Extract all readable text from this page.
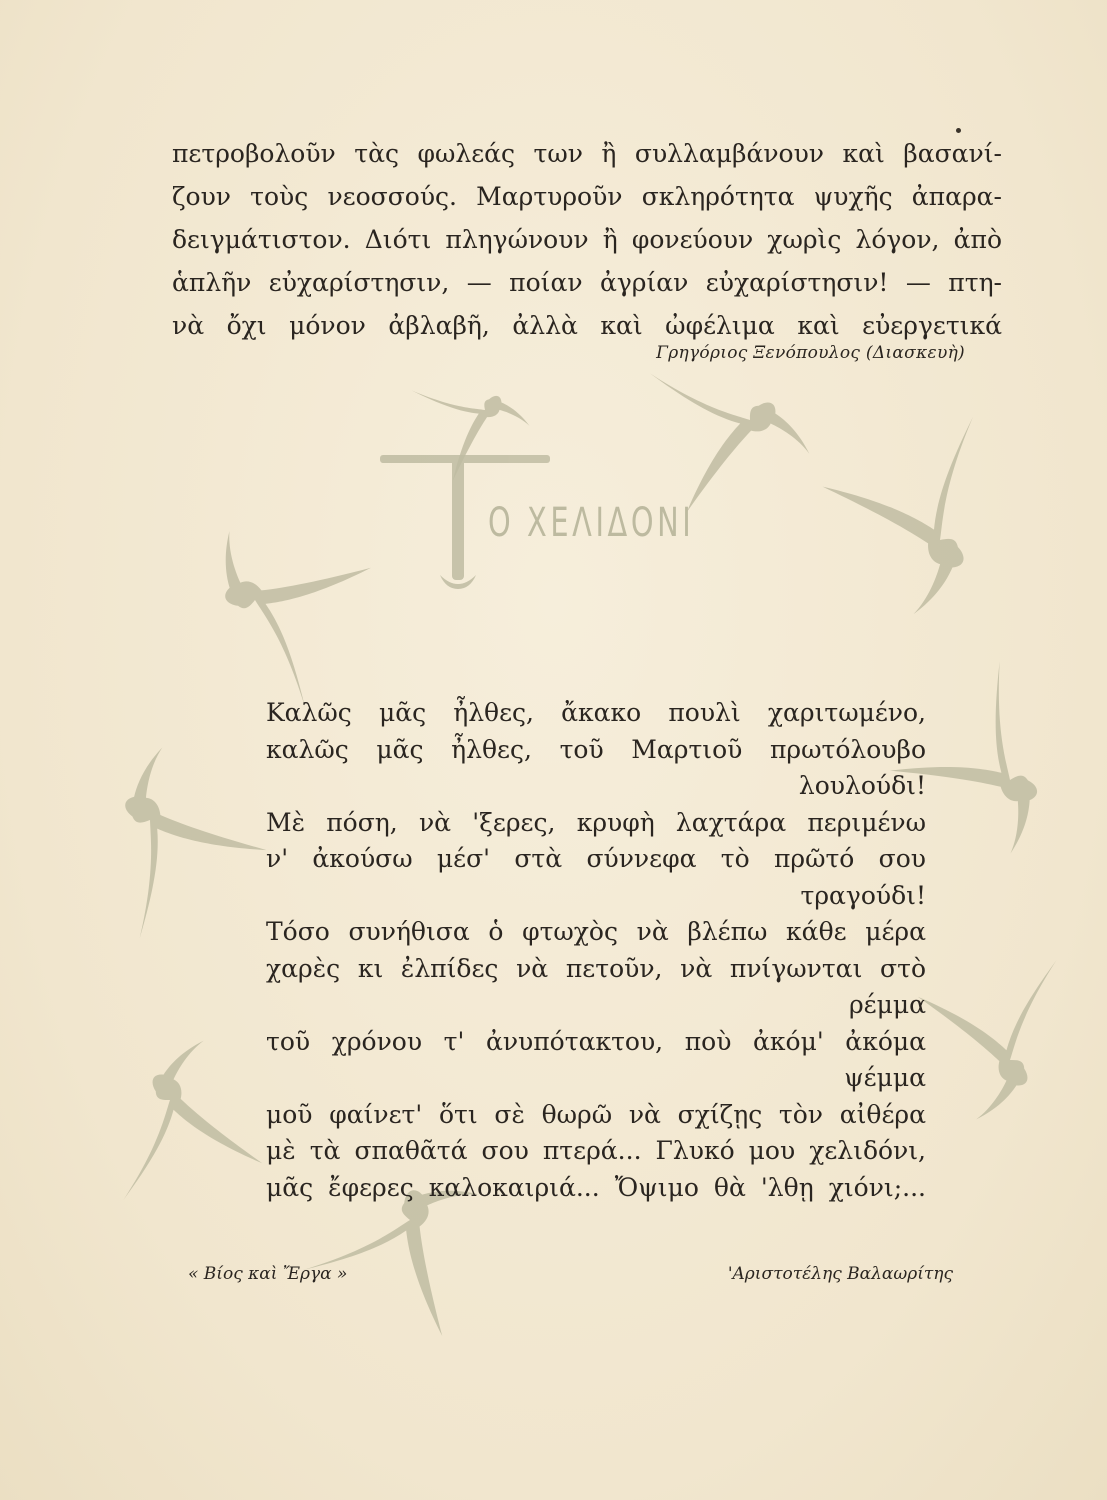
πετροβολοῦν τὰς φωλεάς των ἢ συλλαμβάνουν καὶ βασανί-
ζουν τοὺς νεοσσούς. Μαρτυροῦν σκληρότητα ψυχῆς ἀπαρα-
δειγμάτιστον. Διότι πληγώνουν ἢ φονεύουν χωρὶς λόγον, ἀπὸ
ἁπλῆν εὐχαρίστησιν, — ποίαν ἀγρίαν εὐχαρίστησιν! — πτη-
νὰ ὄχι μόνον ἀβλαβῆ, ἀλλὰ καὶ ὠφέλιμα καὶ εὐεργετικά
Γρηγόριος Ξενόπουλος (Διασκευὴ)
Ο ΧΕΛΙΔΟΝΙ
Καλῶς μᾶς ἦλθες, ἄκακο πουλὶ χαριτωμένο,
καλῶς μᾶς ἦλθες, τοῦ Μαρτιοῦ πρωτόλουβο
λουλούδι!
Μὲ πόση, νὰ 'ξερες, κρυφὴ λαχτάρα περιμένω
ν' ἀκούσω μέσ' στὰ σύννεφα τὸ πρῶτό σου
τραγούδι!
Τόσο συνήθισα ὁ φτωχὸς νὰ βλέπω κάθε μέρα
χαρὲς κι ἐλπίδες νὰ πετοῦν, νὰ πνίγωνται στὸ
ρέμμα
τοῦ χρόνου τ' ἀνυπότακτου, ποὺ ἀκόμ' ἀκόμα
ψέμμα
μοῦ φαίνετ' ὅτι σὲ θωρῶ νὰ σχίζῃς τὸν αἰθέρα
μὲ τὰ σπαθᾶτά σου πτερά... Γλυκό μου χελιδόνι,
μᾶς ἔφερες καλοκαιριά... Ὄψιμο θὰ 'λθῃ χιόνι;...
« Βίος καὶ Ἔργα »	'Αριστοτέλης Βαλαωρίτης
